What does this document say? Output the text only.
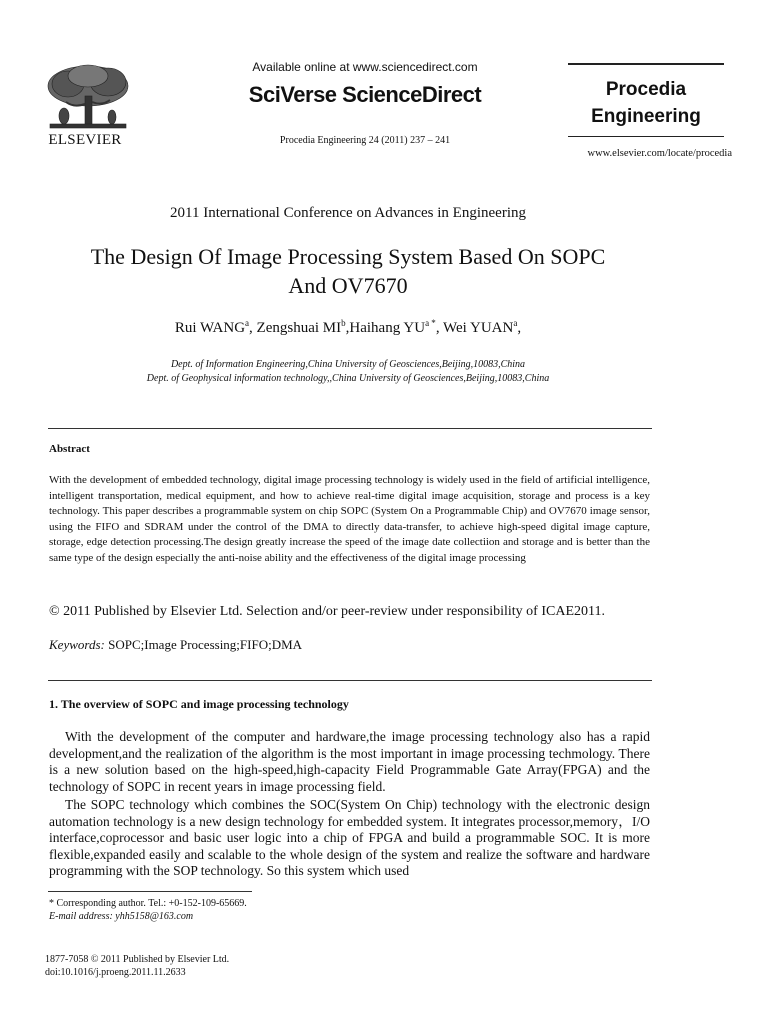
ELSEVIER
Available online at www.sciencedirect.com
SciVerse ScienceDirect
Procedia Engineering 24 (2011) 237 – 241
Procedia
Engineering
www.elsevier.com/locate/procedia
2011 International Conference on Advances in Engineering
The Design Of Image Processing System Based On SOPC
And OV7670
Rui WANG$^a$, Zengshuai $MI^b,Haihang$ $YU^{a *}$, Wei YUAN$^a$,
Dept. of Information Engineering,China University of Geosciences,Beijing,10083,China
Dept. of Geophysical information technology,,China University of Geosciences,Beijing,10083,China
Abstract
With the development of embedded technology, digital image processing technology is widely used in the field of artificial intelligence, intelligent transportation, medical equipment, and how to achieve real-time digital image acquisition, storage and process is a key technology. This paper describes a programmable system on chip SOPC (System On a Programmable Chip) and OV7670 image sensor, using the FIFO and SDRAM under the control of the DMA to directly data-transfer, to achieve high-speed digital image capture, storage, edge detection processing.The design greatly increase the speed of the image date collectiion and storage and is better than the same type of the design especially the anti-noise ability and the effectiveness of the digital image processing
© 2011 Published by Elsevier Ltd. Selection and/or peer-review under responsibility of ICAE2011.
Keywords: SOPC;Image Processing;FIFO;DMA
1. The overview of SOPC and image processing technology
With the development of the computer and hardware,the image processing technology also has a rapid development,and the realization of the algorithm is the most important in image processing techmology. There is a new solution based on the high-speed,high-capacity Field Programmable Gate Array(FPGA) and the technology of SOPC in recent years in image processing field.
The SOPC technology which combines the SOC(System On Chip) technology with the electronic design automation technology is a new design technology for embedded system. It integrates processor,memory，I/O interface,coprocessor and basic user logic into a chip of FPGA and build a programmable SOC. It is more flexible,expanded easily and scalable to the whole design of the system and realize the software and hardware programming with the SOP technology. So this system which used
* Corresponding author. Tel.: +0-152-109-65669.
E-mail address: yhh5158@163.com
1877-7058 © 2011 Published by Elsevier Ltd.
doi:10.1016/j.proeng.2011.11.2633
